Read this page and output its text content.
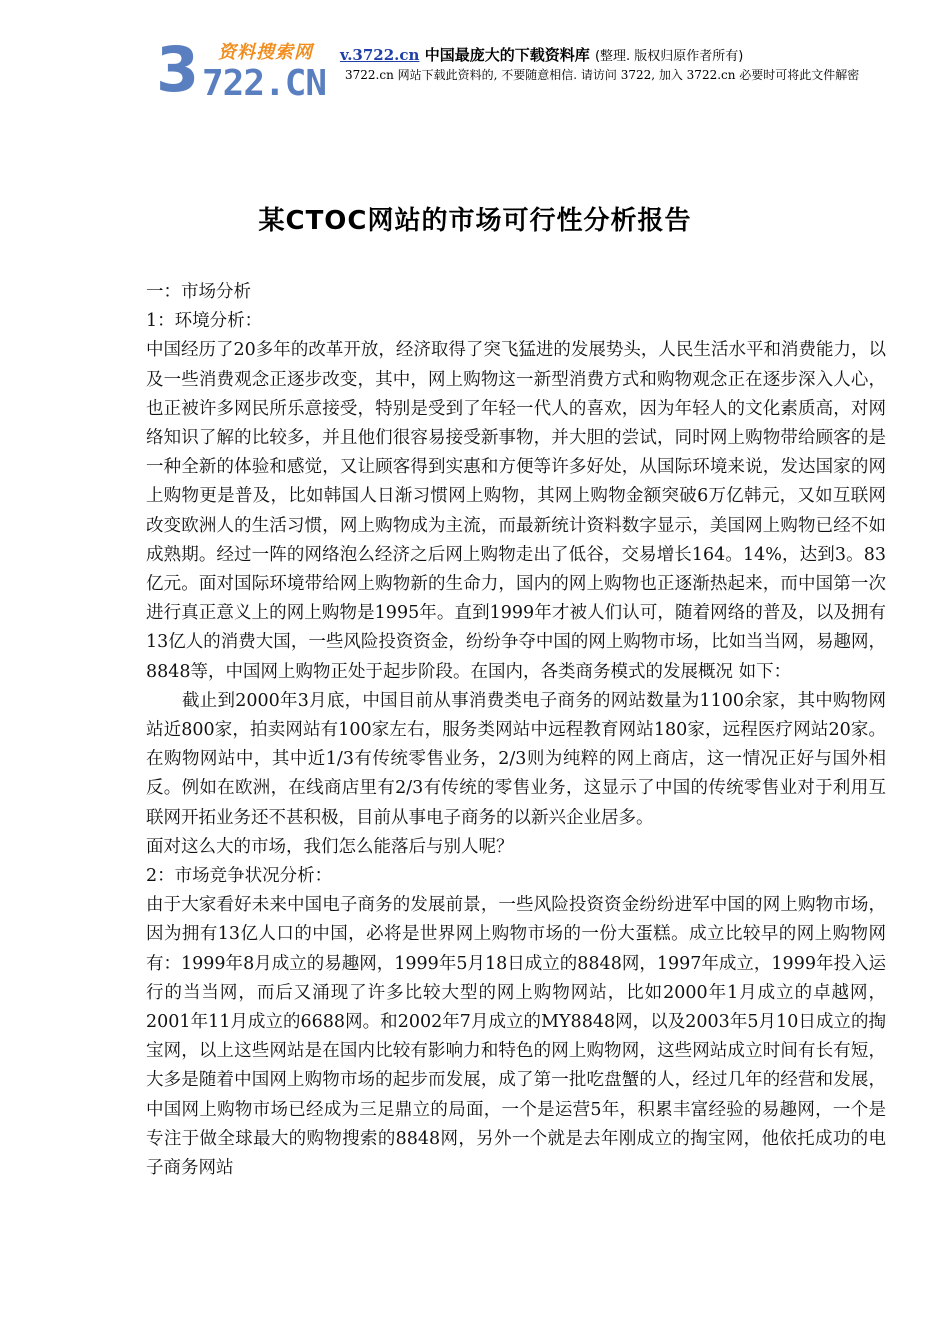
3 722.CN
资料搜索网 v.3722.cn 中国最庞大的下载资料库 (整理. 版权归原作者所有)
3722.cn 网站下载此资料的, 不要随意相信. 请访问 3722, 加入 3722.cn 必要时可将此文件解密
某CTOC网站的市场可行性分析报告

一：市场分析

1：环境分析：

中国经历了20多年的改革开放，经济取得了突飞猛进的发展势头，人民生活水平和消费能力，以及一些消费观念正逐步改变，其中，网上购物这一新型消费方式和购物观念正在逐步深入人心，也正被许多网民所乐意接受，特别是受到了年轻一代人的喜欢，因为年轻人的文化素质高，对网络知识了解的比较多，并且他们很容易接受新事物，并大胆的尝试，同时网上购物带给顾客的是一种全新的体验和感觉，又让顾客得到实惠和方便等许多好处，从国际环境来说，发达国家的网上购物更是普及，比如韩国人日渐习惯网上购物，其网上购物金额突破6万亿韩元，又如互联网改变欧洲人的生活习惯，网上购物成为主流，而最新统计资料数字显示，美国网上购物已经不如成熟期。经过一阵的网络泡么经济之后网上购物走出了低谷，交易增长164。14%，达到3。83亿元。面对国际环境带给网上购物新的生命力，国内的网上购物也正逐渐热起来，而中国第一次进行真正意义上的网上购物是1995年。直到1999年才被人们认可，随着网络的普及，以及拥有13亿人的消费大国，一些风险投资资金，纷纷争夺中国的网上购物市场，比如当当网，易趣网，8848等，中国网上购物正处于起步阶段。在国内，各类商务模式的发展概况 如下：

截止到2000年3月底，中国目前从事消费类电子商务的网站数量为1100余家，其中购物网站近800家，拍卖网站有100家左右，服务类网站中远程教育网站180家，远程医疗网站20家。在购物网站中，其中近1/3有传统零售业务，2/3则为纯粹的网上商店，这一情况正好与国外相反。例如在欧洲，在线商店里有2/3有传统的零售业务，这显示了中国的传统零售业对于利用互联网开拓业务还不甚积极，目前从事电子商务的以新兴企业居多。

面对这么大的市场，我们怎么能落后与别人呢？

2：市场竞争状况分析：

由于大家看好未来中国电子商务的发展前景，一些风险投资资金纷纷进军中国的网上购物市场，因为拥有13亿人口的中国，必将是世界网上购物市场的一份大蛋糕。成立比较早的网上购物网有：1999年8月成立的易趣网，1999年5月18日成立的8848网，1997年成立，1999年投入运行的当当网，而后又涌现了许多比较大型的网上购物网站，比如2000年1月成立的卓越网，2001年11月成立的6688网。和2002年7月成立的MY8848网，以及2003年5月10日成立的掏宝网，以上这些网站是在国内比较有影响力和特色的网上购物网，这些网站成立时间有长有短，大多是随着中国网上购物市场的起步而发展，成了第一批吃盘蟹的人，经过几年的经营和发展，中国网上购物市场已经成为三足鼎立的局面，一个是运营5年，积累丰富经验的易趣网，一个是专注于做全球最大的购物搜索的8848网，另外一个就是去年刚成立的掏宝网，他依托成功的电子商务网站
